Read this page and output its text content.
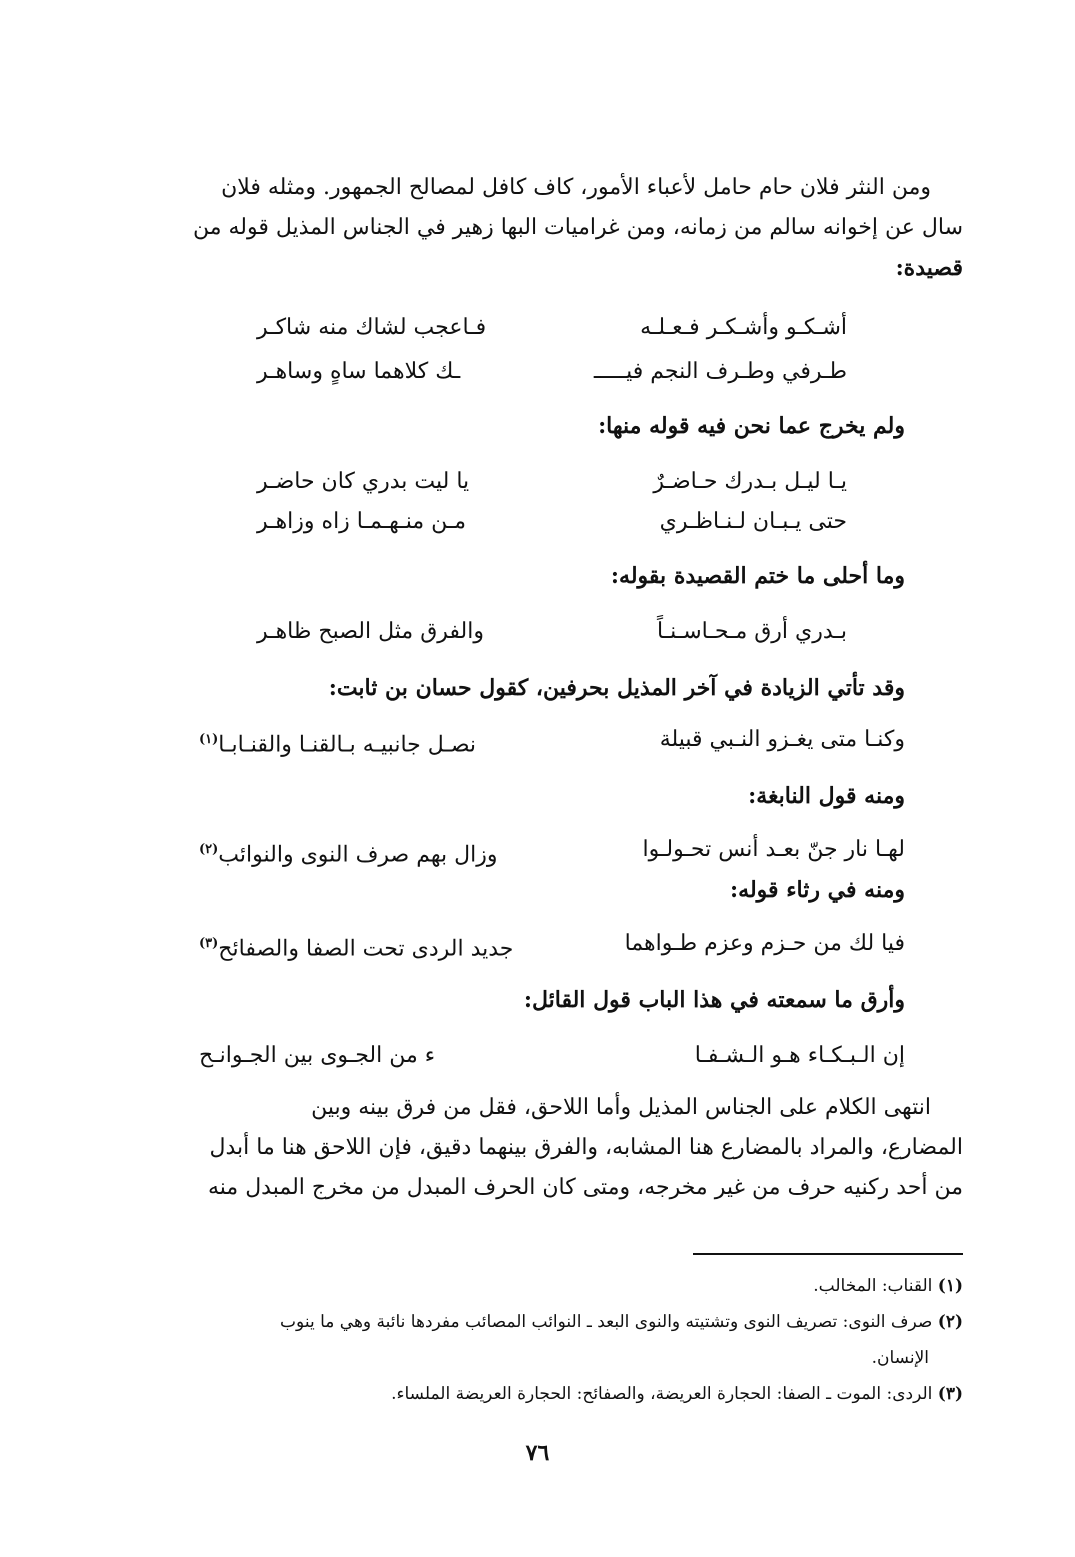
ومن النثر فلان حام حامل لأعباء الأمور، كاف كافل لمصالح الجمهور. ومثله فلان
سال عن إخوانه سالم من زمانه، ومن غراميات البها زهير في الجناس المذيل قوله من
قصيدة:
أشـكـو وأشـكـر فـعـلـه
فـاعجب لشاك منه شاكـر
طـرفي وطـرف النجم فيـــــ
ـك كلاهما ساهٍ وساهـر
ولم يخرج عما نحن فيه قوله منها:
يـا ليـل بـدرك حـاضـرٌ
يا ليت بدري كان حاضـر
حتى يـبـان لـنـاظـري
مـن منـهـمـا زاه وزاهـر
وما أحلى ما ختم القصيدة بقوله:
بـدري أرق مـحـاسـنـاً
والفرق مثل الصبح ظاهـر
وقد تأتي الزيادة في آخر المذيل بحرفين، كقول حسان بن ثابت:
وكنـا متى يغـزو النـبي قبيلة
نصـل جانبيـه بـالقنـا والقنـابـا$^{(١)}$
ومنه قول النابغة:
لهـا نار جنّ بعـد أنس تحـولـوا
وزال بهم صرف النوى والنوائب$^{(٢)}$
ومنه في رثاء قوله:
فيا لك من حـزم وعزم طـواهما
جديد الردى تحت الصفا والصفائح$^{(٣)}$
وأرق ما سمعته في هذا الباب قول القائل:
إن الـبـكـاء هـو الـشـفـا
ء من الجـوى بين الجـوانـح
انتهى الكلام على الجناس المذيل وأما اللاحق، فقل من فرق بينه وبين
المضارع، والمراد بالمضارع هنا المشابه، والفرق بينهما دقيق، فإن اللاحق هنا ما أبدل
من أحد ركنيه حرف من غير مخرجه، ومتى كان الحرف المبدل من مخرج المبدل منه

(١) القناب: المخالب.

(٢) صرف النوى: تصريف النوى وتشتيته والنوى البعد ـ النوائب المصائب مفردها نائبة وهي ما ينوب

الإنسان.

(٣) الردى: الموت ـ الصفا: الحجارة العريضة، والصفائح: الحجارة العريضة الملساء.

٧٦
